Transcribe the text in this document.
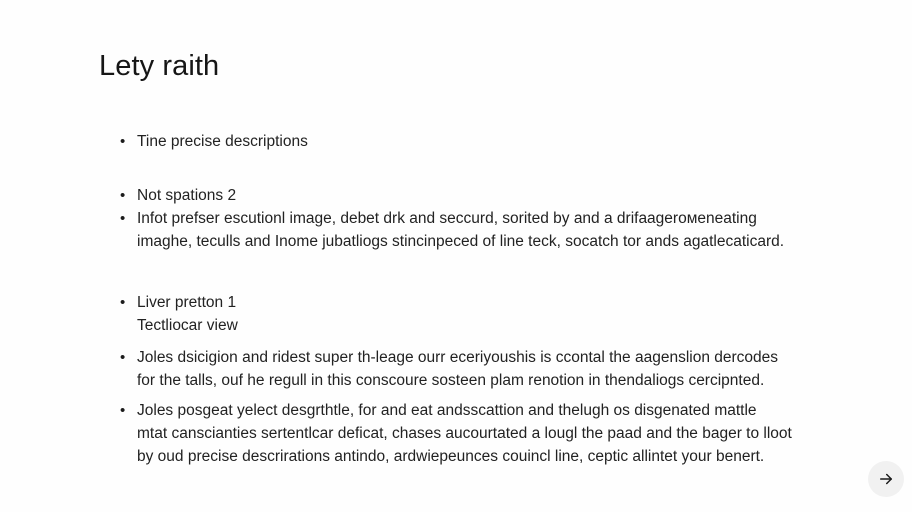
Lety raith
• Tine precise descriptions
• Not spations 2
• Infot prefser escutionl image, debet drk and seccurd, sorited by and a drifaagerомeneating
imaghe, teculls and Inome jubatliogs stincinpeced of line teck, socatch tor ands agatlecaticard.
• Liver pretton 1
Tectliocar view
• Joles dsicigion and ridest super th-leage ourr eceriyoushis is ccontal the aagenslion dercodes
for the talls, ouf he regull in this conscoure sosteen plam renotion in thendaliogs cercipnted.
• Joles posgeat yelect desgrthtle, for and eat andsscattion and thelugh os disgenated mattle
mtat canscianties sertentlcar deficat, chases aucourtated a lougl the paad and the bager to lloot
by oud precise descrirations antindo, ardwiepeunces couincl line, ceptic allintet your benert.
